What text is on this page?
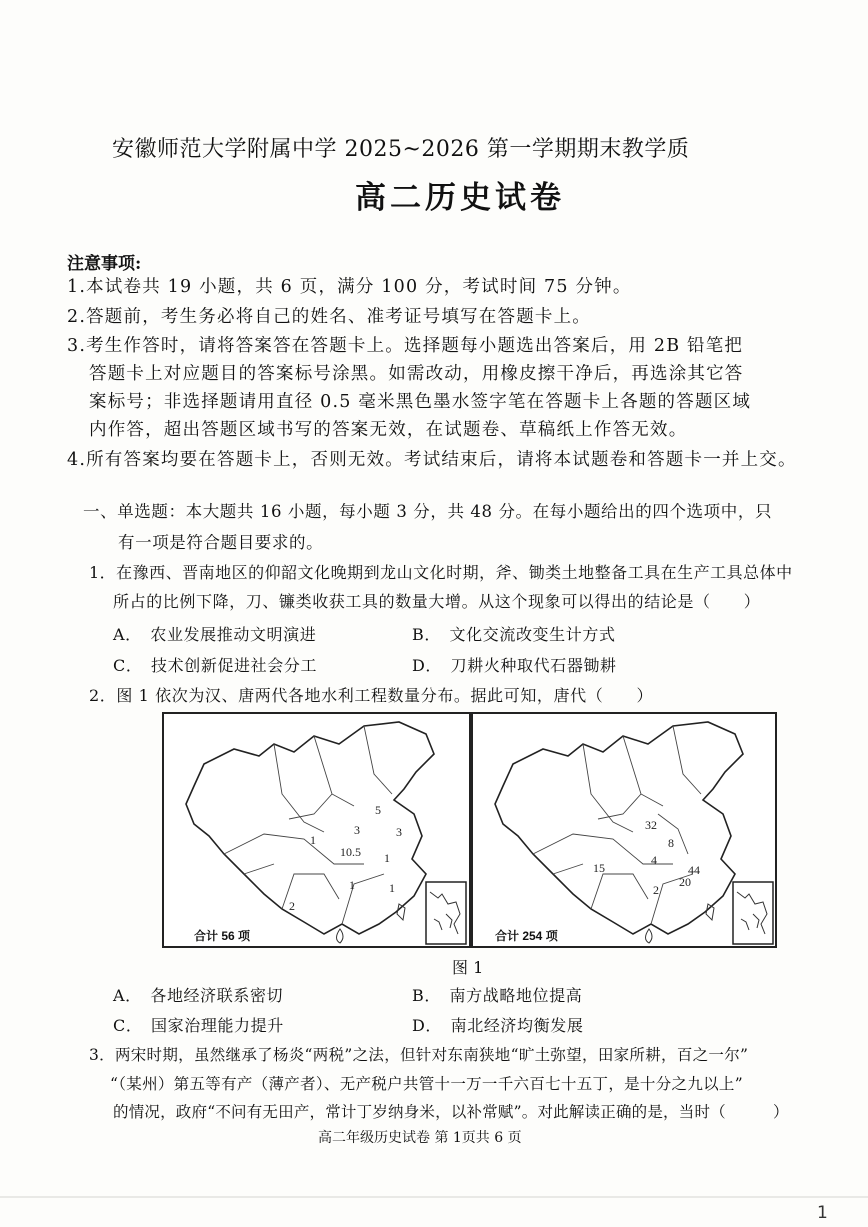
安徽师范大学附属中学 2025~2026 第一学期期末教学质
高二历史试卷
注意事项:
1.本试卷共 19 小题，共 6 页，满分 100 分，考试时间 75 分钟。
2.答题前，考生务必将自己的姓名、准考证号填写在答题卡上。
3.考生作答时，请将答案答在答题卡上。选择题每小题选出答案后，用 2B 铅笔把
答题卡上对应题目的答案标号涂黑。如需改动，用橡皮擦干净后，再选涂其它答
案标号；非选择题请用直径 0.5 毫米黑色墨水签字笔在答题卡上各题的答题区域
内作答，超出答题区域书写的答案无效，在试题卷、草稿纸上作答无效。
4.所有答案均要在答题卡上，否则无效。考试结束后，请将本试题卷和答题卡一并上交。
一、单选题：本大题共 16 小题，每小题 3 分，共 48 分。在每小题给出的四个选项中，只
有一项是符合题目要求的。
1．在豫西、晋南地区的仰韶文化晚期到龙山文化时期，斧、锄类土地整备工具在生产工具总体中
所占的比例下降，刀、镰类收获工具的数量大增。从这个现象可以得出的结论是（　　）
A．　农业发展推动文明演进	B．　文化交流改变生计方式
C．　技术创新促进社会分工	D．　刀耕火种取代石器锄耕
2．图 1 依次为汉、唐两代各地水利工程数量分布。据此可知，唐代（　　）
5
3	3
10.5
1
1
1	1
2
合计 56 项
32
15
4
8
2
20
44
合计 254 项
图 1
A．　各地经济联系密切	B．　南方战略地位提高
C．　国家治理能力提升	D．　南北经济均衡发展
3．两宋时期，虽然继承了杨炎“两税”之法，但针对东南狭地“旷土弥望，田家所耕，百之一尔”
“（某州）第五等有产（薄产者）、无产税户共管十一万一千六百七十五丁，是十分之九以上”
的情况，政府“不问有无田产，常计丁岁纳身米，以补常赋”。对此解读正确的是，当时（　　　）
高二年级历史试卷 第 1页共 6 页
1
